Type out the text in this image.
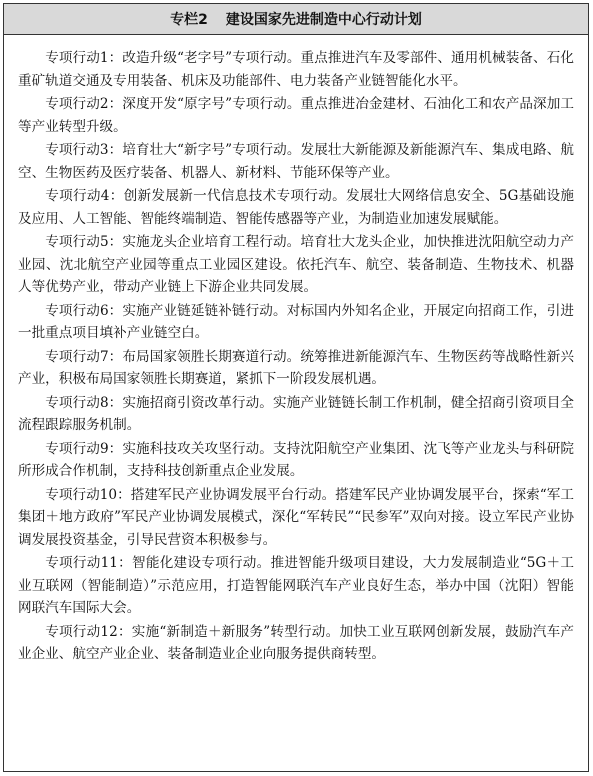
专栏2 建设国家先进制造中心行动计划

专项行动1：改造升级“老字号”专项行动。重点推进汽车及零部件、通用机械装备、石化重矿轨道交通及专用装备、机床及功能部件、电力装备产业链智能化水平。

专项行动2：深度开发“原字号”专项行动。重点推进冶金建材、石油化工和农产品深加工等产业转型升级。

专项行动3：培育壮大“新字号”专项行动。发展壮大新能源及新能源汽车、集成电路、航空、生物医药及医疗装备、机器人、新材料、节能环保等产业。

专项行动4：创新发展新一代信息技术专项行动。发展壮大网络信息安全、5G基础设施及应用、人工智能、智能终端制造、智能传感器等产业，为制造业加速发展赋能。

专项行动5：实施龙头企业培育工程行动。培育壮大龙头企业，加快推进沈阳航空动力产业园、沈北航空产业园等重点工业园区建设。依托汽车、航空、装备制造、生物技术、机器人等优势产业，带动产业链上下游企业共同发展。

专项行动6：实施产业链延链补链行动。对标国内外知名企业，开展定向招商工作，引进一批重点项目填补产业链空白。

专项行动7：布局国家领胜长期赛道行动。统筹推进新能源汽车、生物医药等战略性新兴产业，积极布局国家领胜长期赛道，紧抓下一阶段发展机遇。

专项行动8：实施招商引资改革行动。实施产业链链长制工作机制，健全招商引资项目全流程跟踪服务机制。

专项行动9：实施科技攻关攻坚行动。支持沈阳航空产业集团、沈飞等产业龙头与科研院所形成合作机制，支持科技创新重点企业发展。

专项行动10：搭建军民产业协调发展平台行动。搭建军民产业协调发展平台，探索“军工集团＋地方政府”军民产业协调发展模式，深化“军转民”“民参军”双向对接。设立军民产业协调发展投资基金，引导民营资本积极参与。

专项行动11：智能化建设专项行动。推进智能升级项目建设，大力发展制造业“5G＋工业互联网（智能制造）”示范应用，打造智能网联汽车产业良好生态，举办中国（沈阳）智能网联汽车国际大会。

专项行动12：实施“新制造＋新服务”转型行动。加快工业互联网创新发展，鼓励汽车产业企业、航空产业企业、装备制造业企业向服务提供商转型。
